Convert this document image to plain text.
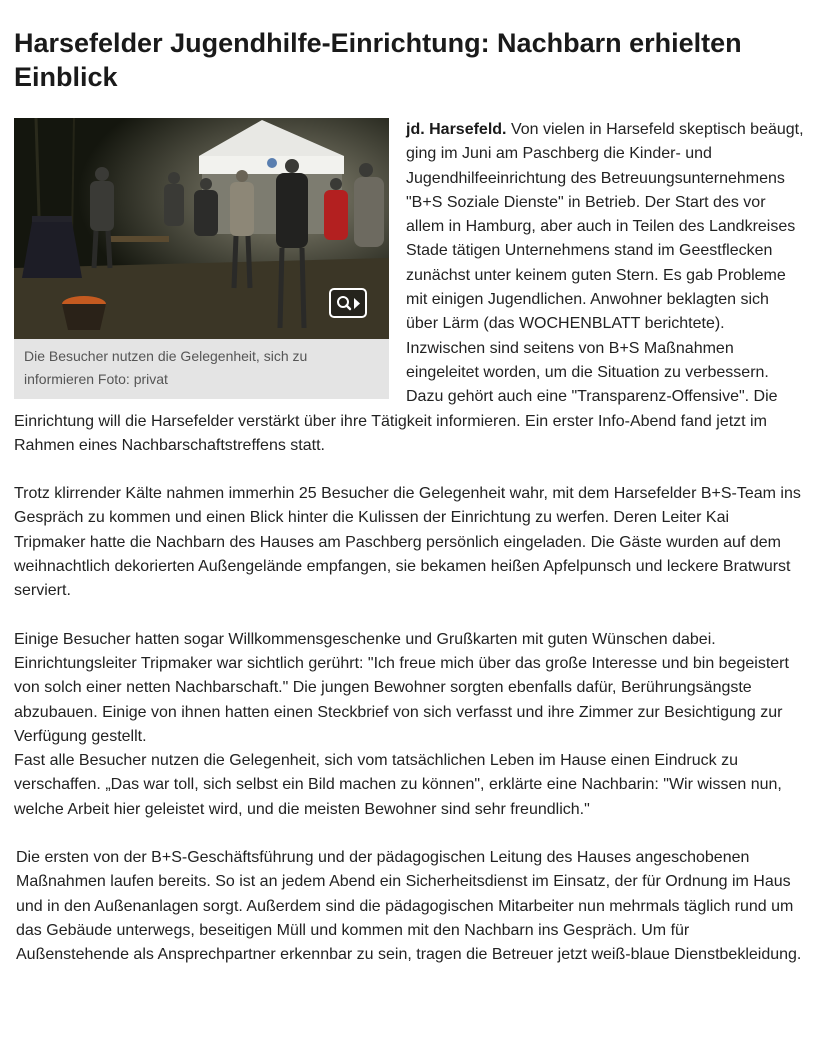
Harsefelder Jugendhilfe-Einrichtung: Nachbarn erhielten Einblick
Die Besucher nutzen die Gelegenheit, sich zu informieren Foto: privat

jd. Harsefeld. Von vielen in Harsefeld skeptisch beäugt, ging im Juni am Paschberg die Kinder- und Jugendhilfeeinrichtung des Betreuungsunternehmens "B+S Soziale Dienste" in Betrieb. Der Start des vor allem in Hamburg, aber auch in Teilen des Landkreises Stade tätigen Unternehmens stand im Geestflecken zunächst unter keinem guten Stern. Es gab Probleme mit einigen Jugendlichen. Anwohner beklagten sich über Lärm (das WOCHENBLATT berichtete). Inzwischen sind seitens von B+S Maßnahmen eingeleitet worden, um die Situation zu verbessern. Dazu gehört auch eine "Transparenz-Offensive". Die Einrichtung will die Harsefelder verstärkt über ihre Tätigkeit informieren. Ein erster Info-Abend fand jetzt im Rahmen eines Nachbarschaftstreffens statt.

Trotz klirrender Kälte nahmen immerhin 25 Besucher die Gelegenheit wahr, mit dem Harsefelder B+S-Team ins Gespräch zu kommen und einen Blick hinter die Kulissen der Einrichtung zu werfen. Deren Leiter Kai Tripmaker hatte die Nachbarn des Hauses am Paschberg persönlich eingeladen. Die Gäste wurden auf dem weihnachtlich dekorierten Außengelände empfangen, sie bekamen heißen Apfelpunsch und leckere Bratwurst serviert.

Einige Besucher hatten sogar Willkommensgeschenke und Grußkarten mit guten Wünschen dabei. Einrichtungsleiter Tripmaker war sichtlich gerührt: "Ich freue mich über das große Interesse und bin begeistert von solch einer netten Nachbarschaft." Die jungen Bewohner sorgten ebenfalls dafür, Berührungsängste abzubauen. Einige von ihnen hatten einen Steckbrief von sich verfasst und ihre Zimmer zur Besichtigung zur Verfügung gestellt.
Fast alle Besucher nutzen die Gelegenheit, sich vom tatsächlichen Leben im Hause einen Eindruck zu verschaffen. „Das war toll, sich selbst ein Bild machen zu können", erklärte eine Nachbarin: "Wir wissen nun, welche Arbeit hier geleistet wird, und die meisten Bewohner sind sehr freundlich."

Die ersten von der B+S-Geschäftsführung und der pädagogischen Leitung des Hauses angeschobenen Maßnahmen laufen bereits. So ist an jedem Abend ein Sicherheitsdienst im Einsatz, der für Ordnung im Haus und in den Außenanlagen sorgt. Außerdem sind die pädagogischen Mitarbeiter nun mehrmals täglich rund um das Gebäude unterwegs, beseitigen Müll und kommen mit den Nachbarn ins Gespräch. Um für Außenstehende als Ansprechpartner erkennbar zu sein, tragen die Betreuer jetzt weiß-blaue Dienstbekleidung.
